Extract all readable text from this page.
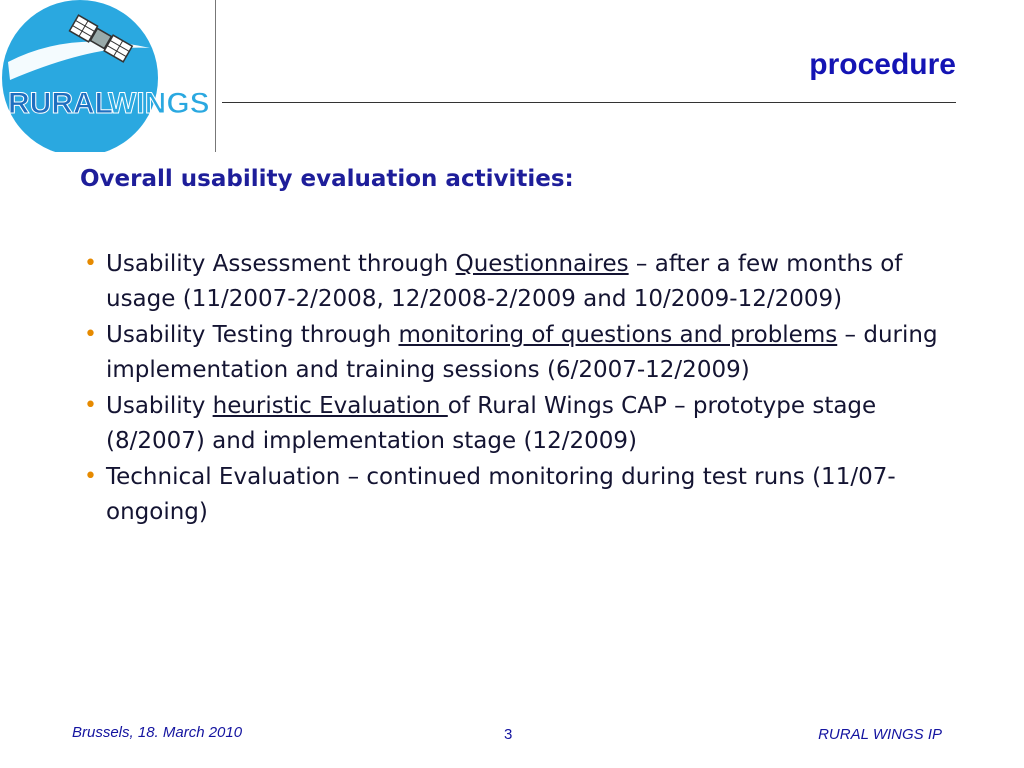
RURAL
WINGS
procedure
Overall usability evaluation activities:
• Usability Assessment through Questionnaires – after a few months of usage (11/2007-2/2008, 12/2008-2/2009 and 10/2009-12/2009)
• Usability Testing through monitoring of questions and problems – during implementation and training sessions (6/2007-12/2009)
• Usability heuristic Evaluation of Rural Wings CAP – prototype stage (8/2007) and implementation stage (12/2009)
• Technical Evaluation – continued monitoring during test runs (11/07- ongoing)
Brussels, 18. March 2010	3	RURAL WINGS IP
